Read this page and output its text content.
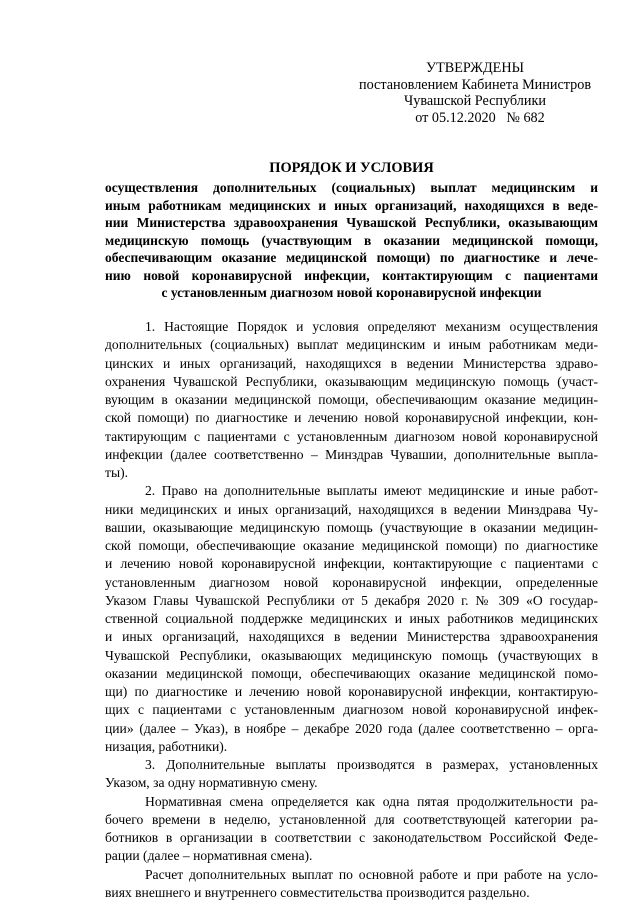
УТВЕРЖДЕНЫ
постановлением Кабинета Министров
Чувашской Республики
от 05.12.2020   № 682
ПОРЯДОК И УСЛОВИЯ
осуществления дополнительных (социальных) выплат медицинским и
иным работникам медицинских и иных организаций, находящихся в веде-
нии Министерства здравоохранения Чувашской Республики, оказывающим
медицинскую помощь (участвующим в оказании медицинской помощи,
обеспечивающим оказание медицинской помощи) по диагностике и лече-
нию новой коронавирусной инфекции, контактирующим с пациентами
с установленным диагнозом новой коронавирусной инфекции
1. Настоящие Порядок и условия определяют механизм осуществления
дополнительных (социальных) выплат медицинским и иным работникам меди-
цинских и иных организаций, находящихся в ведении Министерства здраво-
охранения Чувашской Республики, оказывающим медицинскую помощь (участ-
вующим в оказании медицинской помощи, обеспечивающим оказание медицин-
ской помощи) по диагностике и лечению новой коронавирусной инфекции, кон-
тактирующим с пациентами с установленным диагнозом новой коронавирусной
инфекции (далее соответственно – Минздрав Чувашии, дополнительные выпла-
ты).
2. Право на дополнительные выплаты имеют медицинские и иные работ-
ники медицинских и иных организаций, находящихся в ведении Минздрава Чу-
вашии, оказывающие медицинскую помощь (участвующие в оказании медицин-
ской помощи, обеспечивающие оказание медицинской помощи) по диагностике
и лечению новой коронавирусной инфекции, контактирующие с пациентами с
установленным диагнозом новой коронавирусной инфекции, определенные
Указом Главы Чувашской Республики от 5 декабря 2020 г. № 309 «О государ-
ственной социальной поддержке медицинских и иных работников медицинских
и иных организаций, находящихся в ведении Министерства здравоохранения
Чувашской Республики, оказывающих медицинскую помощь (участвующих в
оказании медицинской помощи, обеспечивающих оказание медицинской помо-
щи) по диагностике и лечению новой коронавирусной инфекции, контактирую-
щих с пациентами с установленным диагнозом новой коронавирусной инфек-
ции» (далее – Указ), в ноябре – декабре 2020 года (далее соответственно – орга-
низация, работники).
3. Дополнительные выплаты производятся в размерах, установленных
Указом, за одну нормативную смену.
Нормативная смена определяется как одна пятая продолжительности ра-
бочего времени в неделю, установленной для соответствующей категории ра-
ботников в организации в соответствии с законодательством Российской Феде-
рации (далее – нормативная смена).
Расчет дополнительных выплат по основной работе и при работе на усло-
виях внешнего и внутреннего совместительства производится раздельно.
